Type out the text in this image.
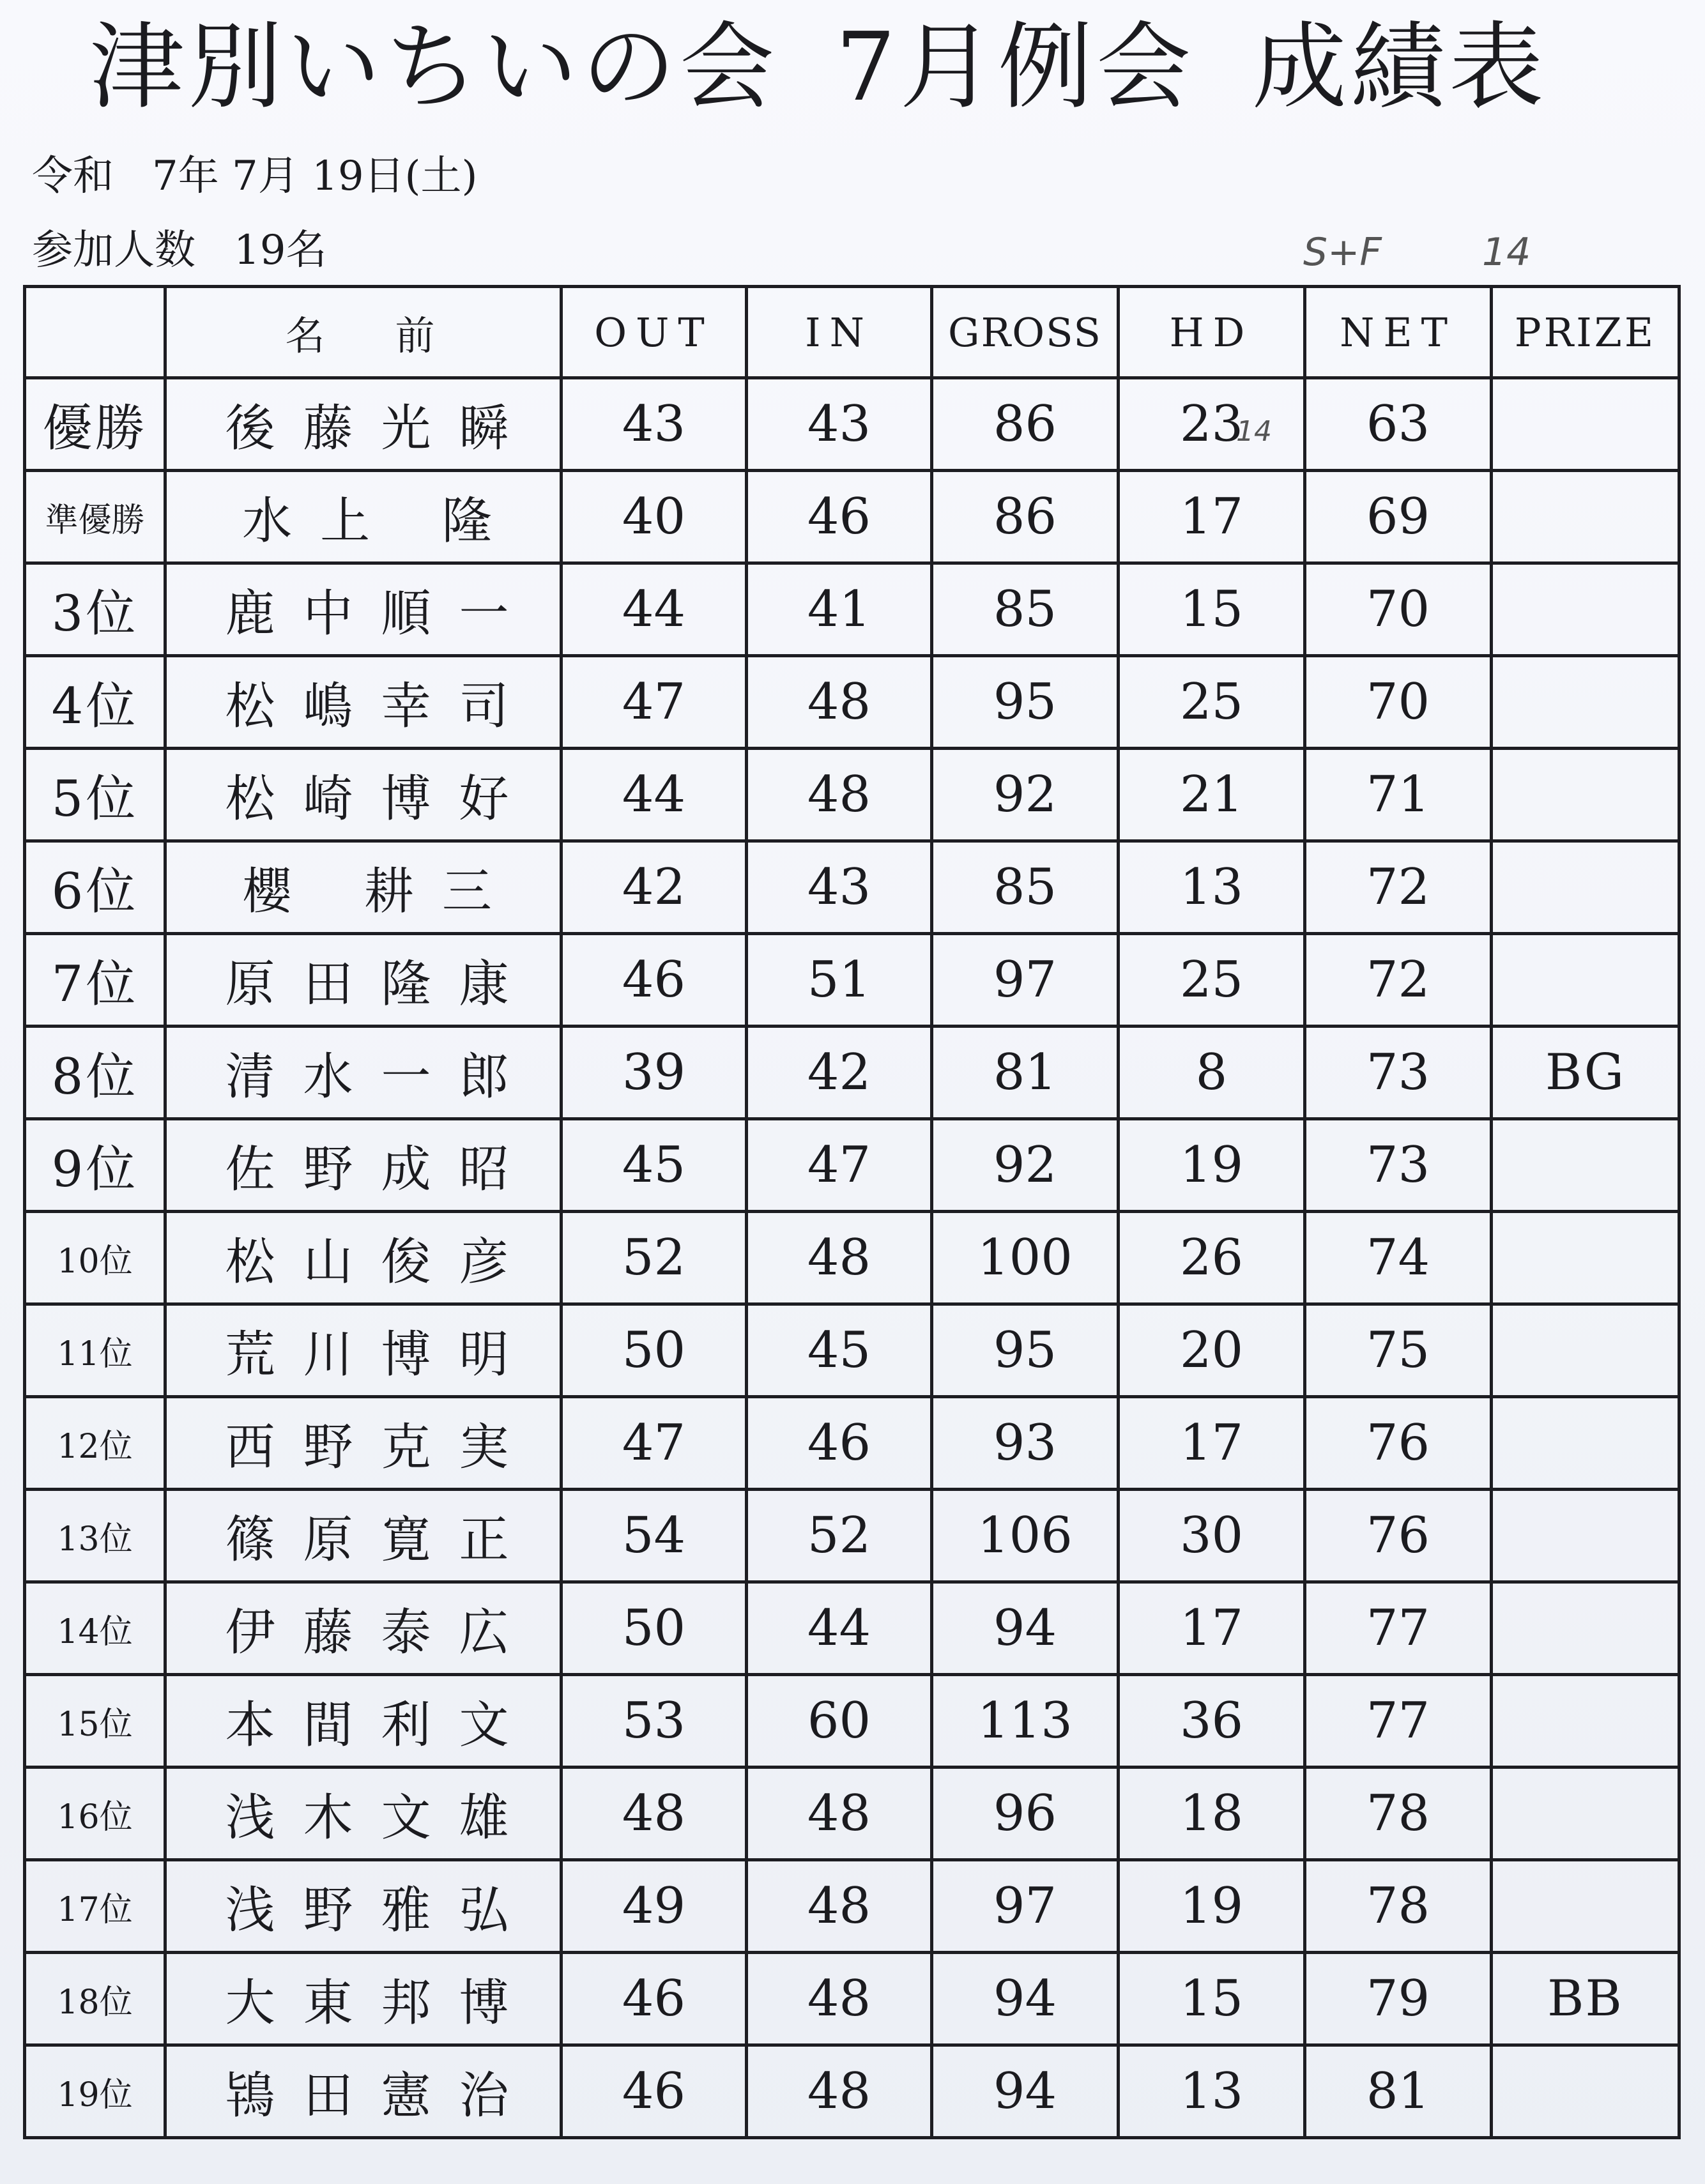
津別いちいの会 7月例会 成績表
令和 7年 7月 19日(土)
参加人数 19名	S+F	14
14
	名前	OUT	IN	GROSS	HD	NET	PRIZE
優勝	後藤光瞬	43	43	86	23	63	
準優勝	水上 隆	40	46	86	17	69	
3位	鹿中順一	44	41	85	15	70	
4位	松嶋幸司	47	48	95	25	70	
5位	松崎博好	44	48	92	21	71	
6位	櫻 耕三	42	43	85	13	72	
7位	原田隆康	46	51	97	25	72	
8位	清水一郎	39	42	81	8	73	BG
9位	佐野成昭	45	47	92	19	73	
10位	松山俊彦	52	48	100	26	74	
11位	荒川博明	50	45	95	20	75	
12位	西野克実	47	46	93	17	76	
13位	篠原寛正	54	52	106	30	76	
14位	伊藤泰広	50	44	94	17	77	
15位	本間利文	53	60	113	36	77	
16位	浅木文雄	48	48	96	18	78	
17位	浅野雅弘	49	48	97	19	78	
18位	大東邦博	46	48	94	15	79	BB
19位	鴇田憲治	46	48	94	13	81	
